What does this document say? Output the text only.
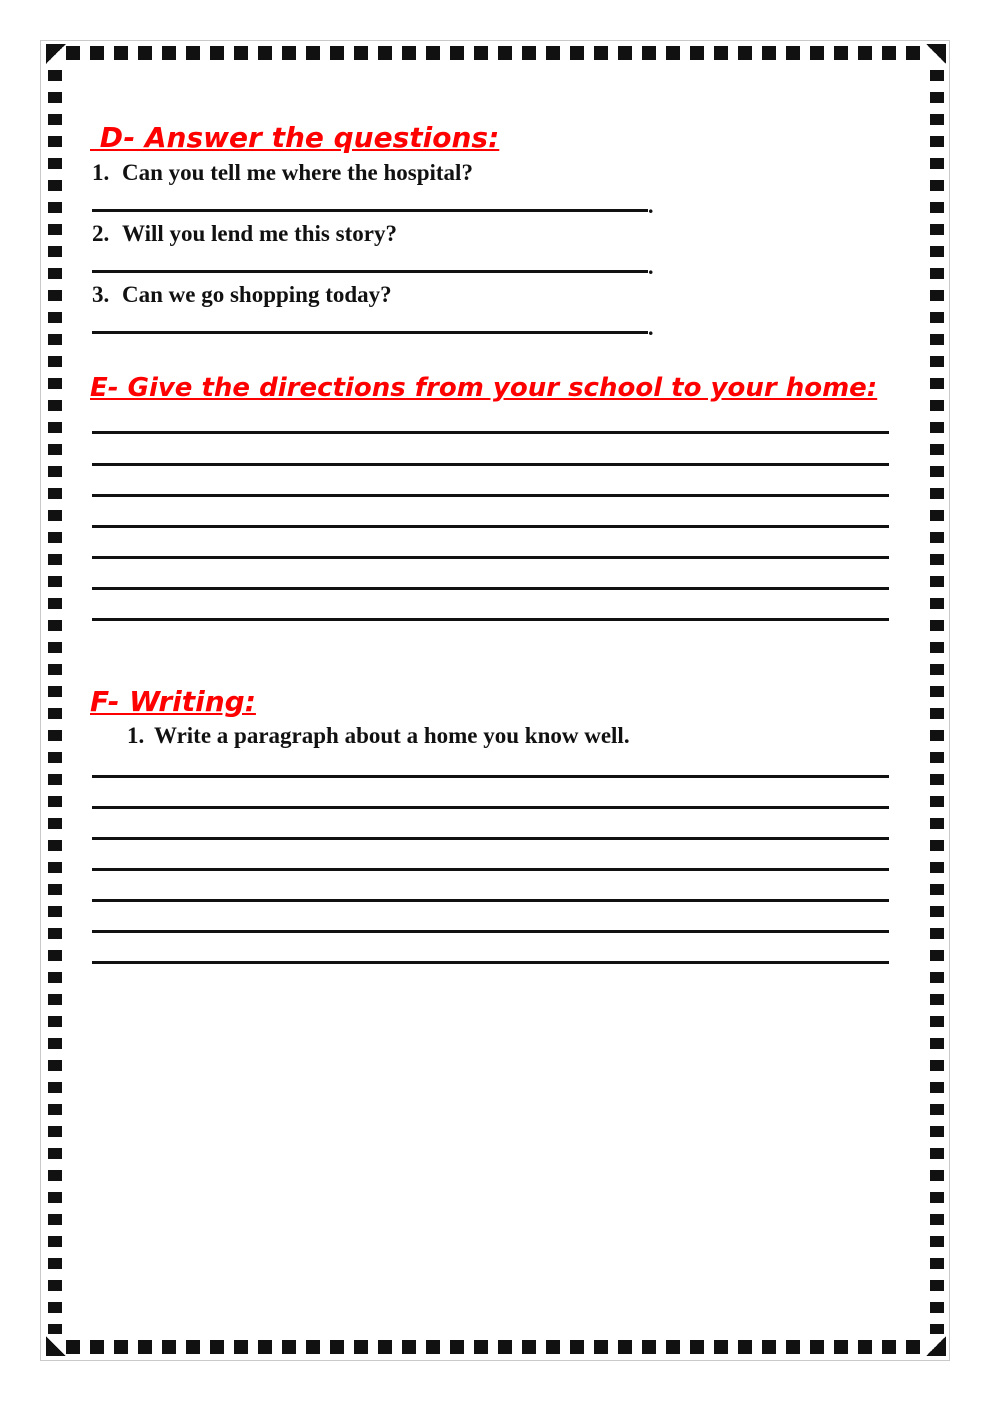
D- Answer the questions:

1. Can you tell me where the hospital?

.

2. Will you lend me this story?

.

3. Can we go shopping today?

.
E- Give the directions from your school to your home:
F- Writing:

1. Write a paragraph about a home you know well.
